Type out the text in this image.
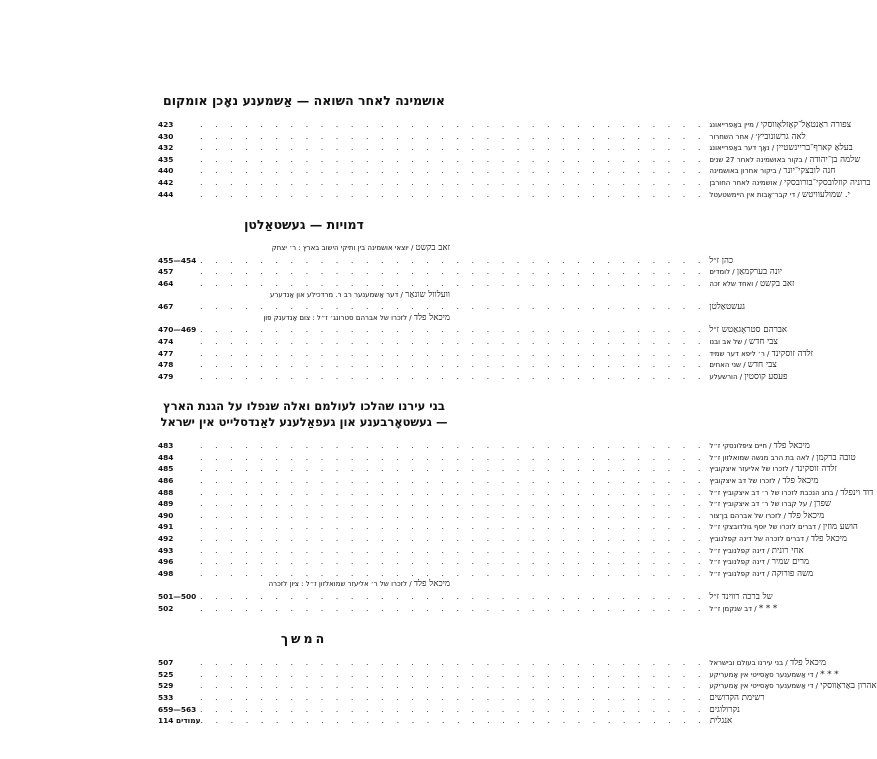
אושמינה לאחר השואה — אַשמענע נאָכן אומקום
423	. . . . . . . . . . . . . . . . . . . . . . . . . . . . . . . . . .	צפורה ראַנטאַל־קאָזלאָווסקי / מיין באַפרייאונג
430	. . . . . . . . . . . . . . . . . . . . . . . . . . . . . . . . . .	לאה גרשונוביץ׳ / אחר השחרור
432	. . . . . . . . . . . . . . . . . . . . . . . . . . . . . . . . . .	בעלאַ קארף־בריינשטיין / נאָך דער באַפרייאונג
435	. . . . . . . . . . . . . . . . . . . . . . . . . . . . . . . . . .	שלמה בן־יהודה / בקור באושמינה לאחר 27 שנים
440	. . . . . . . . . . . . . . . . . . . . . . . . . . . . . . . . . .	חנה לובצקי־יונר / ביקור אחרון באושמינה
442	. . . . . . . . . . . . . . . . . . . . . . . . . . . . . . . . . .	ברוניה קוזלובסקי־בורובסקי / אושמינה לאחר החורבן
444	. . . . . . . . . . . . . . . . . . . . . . . . . . . . . . . . . .	י. שמולעוויטש / די קבר־אָבות אין היימשטעטל
דמויות — געשטאַלטן
זאב בקשט / יוצאי אושמינה בין ותיקי הישוב בארץ : ר׳ יצחק
455—454 . . . . . . . . . . . . . . . . . . . . . . . . . . . . . . . . . . כהן ז״ל
457	. . . . . . . . . . . . . . . . . . . . . . . . . . . . . . . . . .	יונה בערקמאַן / לומדים
464	. . . . . . . . . . . . . . . . . . . . . . . . . . . . . . . . . .	זאב בקשט / ואחד שלא זכה
וועלוול שונאַר / דער אַשמענער רב ר. מרדכילע און אַנדערע
467	. . . . . . . . . . . . . . . . . . . . . . . . . . . . . . . . . . געשטאַלטן
מיכאל פלד / לזכרו של אברהם סטרונג׳ ז״ל : צום אַנדענק פון
470—469 . . . . . . . . . . . . . . . . . . . . . . . . . . . . . . . . . . אברהם סטראָגאַטש ז״ל
474	. . . . . . . . . . . . . . . . . . . . . . . . . . . . . . . . . .	צבי חדש / של אב ובנו
477	. . . . . . . . . . . . . . . . . . . . . . . . . . . . . . . . . .	זלדה זוסקינד / ר׳ ליפא דער שמיד
478	. . . . . . . . . . . . . . . . . . . . . . . . . . . . . . . . . .	צבי חדש / שני האחים
479	. . . . . . . . . . . . . . . . . . . . . . . . . . . . . . . . . .	פעסע קוסטין / הורשעלע
בני עירנו שהלכו לעולמם ואלה שנפלו על הגנת הארץ — געשטאָרבענע און געפאַלענע לאַנדסלייט אין ישראל
483	. . . . . . . . . . . . . . . . . . . . . . . . . . . . . . . . . .	מיכאל פלד / חיים ציפלונסקי ז״ל
484	. . . . . . . . . . . . . . . . . . . . . . . . . . . . . . . . . .	טובה ברקמן / לאה בת הרב מנשה שמואלזון ז״ל
485	. . . . . . . . . . . . . . . . . . . . . . . . . . . . . . . . . .	זלדה זוסקינד / לזכרו של אליעזר איצקוביץ
486	. . . . . . . . . . . . . . . . . . . . . . . . . . . . . . . . . .	מיכאל פלד / לזכרו של דב איצקוביץ
488	. . . . . . . . . . . . . . . . . . . . . . . . . . . . . . . . . .	דוד וינפלד / בחג הנכבת לזכרו של ר׳ דב איצקוביץ ז״ל
489	. . . . . . . . . . . . . . . . . . . . . . . . . . . . . . . . . .	שפרן / על קברו של ר׳ דב איצקוביץ ז״ל
490	. . . . . . . . . . . . . . . . . . . . . . . . . . . . . . . . . .	מיכאל פלד / לזכרו של אברהם בן־צור
491	. . . . . . . . . . . . . . . . . . . . . . . . . . . . . . . . . .	הושע מוזין / דברים לזכרו של יוסף גולדובצקי ז״ל
492	. . . . . . . . . . . . . . . . . . . . . . . . . . . . . . . . . .	מיכאל פלד / דברים לזכרה של דינה קפלנוביץ
493	. . . . . . . . . . . . . . . . . . . . . . . . . . . . . . . . . .	אחי רונית / דינה קפלנוביץ ז״ל
496	. . . . . . . . . . . . . . . . . . . . . . . . . . . . . . . . . .	מרים שמיר / דינה קפלנוביץ ז״ל
498	. . . . . . . . . . . . . . . . . . . . . . . . . . . . . . . . . .	משה פורוקה / דינה קפלנוביץ ז״ל
מיכאל פלד / לזכרו של ר׳ אליעזר שמואלזון ז״ל : ציון לזכרה
501—500 . . . . . . . . . . . . . . . . . . . . . . . . . . . . . . . . . . של ברכה רווינד ז״ל
502	. . . . . . . . . . . . . . . . . . . . . . . . . . . . . . . . . .	* * * / דב שנקמן ז״ל
המשך
507	. . . . . . . . . . . . . . . . . . . . . . . . . . . . . . . . . .	מיכאל פלד / בני עירנו בעולם ובישראל
525	. . . . . . . . . . . . . . . . . . . . . . . . . . . . . . . . . .	* * * / די אַשמענער סאָסייטי אין אַמעריקע
529	. . . . . . . . . . . . . . . . . . . . . . . . . . . . . . . . . .	אהרון באַראַווסקי / די אַשמענער סאָסייטי אין אַמעריקע
533	. . . . . . . . . . . . . . . . . . . . . . . . . . . . . . . . . . רשימת הקדושים
659—563 . . . . . . . . . . . . . . . . . . . . . . . . . . . . . . . . . . נקרולוגים
114 עמודים . . . . . . . . . . . . . . . . . . . . . . . . . . . . . . . . . . אנגלית
